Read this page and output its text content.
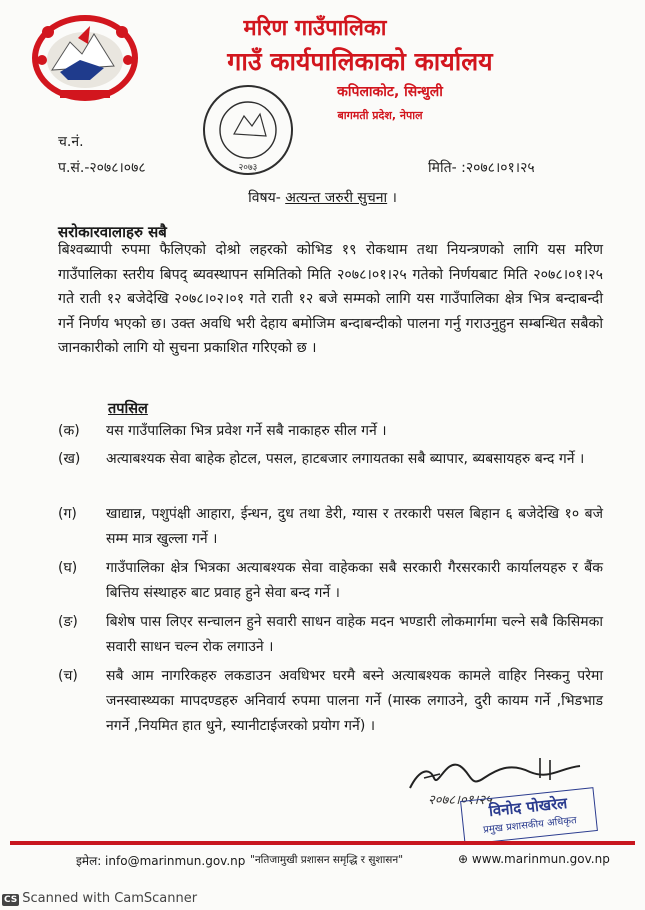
मरिण गाउँपालिका
गाउँ कार्यपालिकाको कार्यालय
कपिलाकोट, सिन्धुली
बागमती प्रदेश, नेपाल
२०७३
च.नं.
प.सं.-२०७८।०७८	मिति- :२०७८।०१।२५
विषय- अत्यन्त जरुरी सुचना ।
सरोकारवालाहरु सबै
बिश्वब्यापी रुपमा फैलिएको दोश्रो लहरको कोभिड १९ रोकथाम तथा नियन्त्रणको लागि यस मरिण गाउँपालिका स्तरीय बिपद् ब्यवस्थापन समितिको मिति २०७८।०१।२५ गतेको निर्णयबाट मिति २०७८।०१।२५ गते राती १२ बजेदेखि २०७८।०२।०१ गते राती १२ बजे सम्मको लागि यस गाउँपालिका क्षेत्र भित्र बन्दाबन्दी गर्ने निर्णय भएको छ। उक्त अवधि भरी देहाय बमोजिम बन्दाबन्दीको पालना गर्नु गराउनुहुन सम्बन्धित सबैको जानकारीको लागि यो सुचना प्रकाशित गरिएको छ ।
तपसिल
(क) यस गाउँपालिका भित्र प्रवेश गर्ने सबै नाकाहरु सील गर्ने ।
(ख) अत्याबश्यक सेवा बाहेक होटल, पसल, हाटबजार लगायतका सबै ब्यापार, ब्यबसायहरु बन्द गर्ने ।
(ग) खाद्यान्न, पशुपंक्षी आहारा, ईन्धन, दुध तथा डेरी, ग्यास र तरकारी पसल बिहान ६ बजेदेखि १० बजे सम्म मात्र खुल्ला गर्ने ।
(घ) गाउँपालिका क्षेत्र भित्रका अत्याबश्यक सेवा वाहेकका सबै सरकारी गैरसरकारी कार्यालयहरु र बैंक बित्तिय संस्थाहरु बाट प्रवाह हुने सेवा बन्द गर्ने ।
(ङ) बिशेष पास लिएर सन्चालन हुने सवारी साधन वाहेक मदन भण्डारी लोकमार्गमा चल्ने सबै किसिमका सवारी साधन चल्न रोक लगाउने ।
(च) सबै आम नागरिकहरु लकडाउन अवधिभर घरमै बस्ने अत्याबश्यक कामले वाहिर निस्कनु परेमा जनस्वास्थ्यका मापदण्डहरु अनिवार्य रुपमा पालना गर्ने (मास्क लगाउने, दुरी कायम गर्ने ,भिडभाड नगर्ने ,नियमित हात धुने, स्यानीटाईजरको प्रयोग गर्ने) ।
२०७८।०१।२५
विनोद पोखरेल
प्रमुख प्रशासकीय अधिकृत
इमेल: info@marinmun.gov.np "नतिजामुखी प्रशासन समृद्धि र सुशासन"	⊕ www.marinmun.gov.np
CS Scanned with CamScanner
